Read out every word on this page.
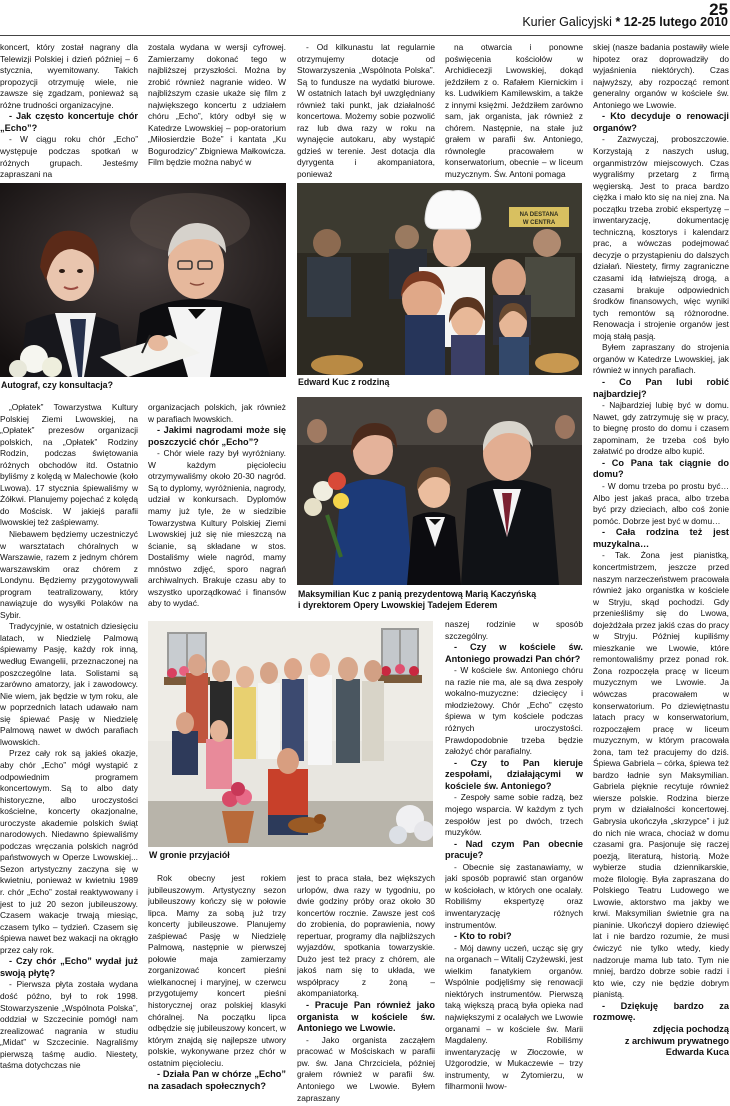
25
Kurier Galicyjski * 12-25 lutego 2010

koncert, który został nagrany dla Telewizji Polskiej i dzień później – 6 stycznia, wyemitowany. Takich propozycji otrzymuję wiele, nie zawsze się zgadzam, ponieważ są różne trudności organizacyjne.

- Jak często koncertuje chór „Echo”?

- W ciągu roku chór „Echo” występuje podczas spotkań w różnych grupach. Jesteśmy zapraszani na

zostala wydana w wersji cyfrowej. Zamierzamy dokonać tego w najbliższej przyszłości. Można by zrobić również nagranie wideo. W najbliższym czasie ukaże się film z największego koncertu z udziałem chóru „Echo”, który odbył się w Katedrze Lwowskiej – pop-oratorium „Miłosierdzie Boże” i kantata „Ku Bogurodzicy” Zbigniewa Małkowicza. Film będzie można nabyć w

- Od kilkunastu lat regularnie otrzymujemy dotacje od Stowarzyszenia „Wspólnota Polska”. Są to fundusze na wydatki biurowe. W ostatnich latach był uwzględniany również taki punkt, jak działalność koncertowa. Możemy sobie pozwolić raz lub dwa razy w roku na wynajęcie autokaru, aby wystąpić gdzieś w terenie. Jest dotacja dla dyrygenta i akompaniatora, ponieważ

na otwarcia i ponowne poświęcenia kościołów w Archidiecezji Lwowskiej, dokąd jeździłem z o. Rafałem Kiernickim i ks. Ludwikiem Kamilewskim, a także z innymi księżmi. Jeździłem zarówno sam, jak organista, jak również z chórem. Następnie, na stałe już grałem w parafii św. Antoniego, równolegle pracowałem w konserwatorium, obecnie – w liceum muzycznym. Św. Antoni pomaga

skiej (nasze badania postawiły wiele hipotez oraz doprowadziły do wyjaśnienia niektórych). Czas najwyższy, aby rozpocząć remont generalny organów w kościele św. Antoniego we Lwowie.

- Kto decyduje o renowacji organów?

- Zazwyczaj, proboszczowie. Korzystają z naszych usług, organmistrzów miejscowych. Czas wygraliśmy przetarg z firmą węgierską. Jest to praca bardzo ciężka i mało kto się na niej zna. Na początku trzeba zrobić ekspertyzę – inwentaryzację, dokumentację techniczną, kosztorys i kalendarz prac, a wówczas podejmować decyzje o przystąpieniu do dalszych działań. Niestety, firmy zagraniczne czasami idą łatwiejszą drogą, a czasami brakuje odpowiednich środków finansowych, więc wyniki tych remontów są różnorodne. Renowacja i strojenie organów jest moją stałą pasją.

Byłem zapraszany do strojenia organów w Katedrze Lwowskiej, jak również w innych parafiach.

- Co Pan lubi robić najbardziej?

- Najbardziej lubię być w domu. Nawet, gdy zatrzymuję się w pracy, to biegnę prosto do domu i czasem zapominam, że trzeba coś było załatwić po drodze albo kupić.

- Co Pana tak ciągnie do domu?

- W domu trzeba po prostu być… Albo jest jakaś praca, albo trzeba być przy dzieciach, albo coś żonie pomóc. Dobrze jest być w domu…

- Cała rodzina też jest muzykalna…

- Tak. Żona jest pianistką, koncertmistrzem, jeszcze przed naszym narzeczeństwem pracowała również jako organistka w kościele w Stryju, skąd pochodzi. Gdy przenieśliśmy się do Lwowa, dojeżdżała przez jakiś czas do pracy w Stryju. Później kupiliśmy mieszkanie we Lwowie, które remontowaliśmy przez ponad rok. Żona rozpoczęła pracę w liceum muzycznym we Lwowie. Ja wówczas pracowałem w konserwatorium. Po dziewiętnastu latach pracy w konserwatorium, rozpocząłem pracę w liceum muzycznym, w którym pracowała żona, tam też pracujemy do dziś. Śpiewa Gabriela – córka, śpiewa też bardzo ładnie syn Maksymilian. Gabriela pięknie recytuje również wiersze polskie. Rodzina bierze prym w działalności koncertowej. Gabrysia ukończyła „skrzypce” i już do nich nie wraca, chociaż w domu czasami gra. Pasjonuje się raczej poezją, literaturą, historią. Może wybierze studia dziennikarskie, może filologię. Była zapraszana do Polskiego Teatru Ludowego we Lwowie, aktorstwo ma jakby we krwi. Maksymilian świetnie gra na pianinie. Ukończył dopiero dziewięć lat i nie bardzo rozumie, że musi ćwiczyć nie tylko wtedy, kiedy nadzoruje mama lub tato. Tym nie mniej, bardzo dobrze sobie radzi i kto wie, czy nie będzie dobrym pianistą.

- Dziękuję bardzo za rozmowę.

zdjęcia pochodzą

z archiwum prywatnego

Edwarda Kuca

Autograf, czy konsultacja?
NA DESTANA
W CENTRA
Edward Kuc z rodziną
Maksymilian Kuc z panią prezydentową Marią Kaczyńską
i dyrektorem Opery Lwowskiej Tadejem Ederem

„Opłatek” Towarzystwa Kultury Polskiej Ziemi Lwowskiej, na „Opłatek” prezesów organizacji polskich, na „Opłatek” Rodziny Rodzin, podczas świętowania różnych obchodów itd. Ostatnio byliśmy z kolędą w Malechowie (koło Lwowa). 17 stycznia śpiewaliśmy w Żółkwi. Planujemy pojechać z kolędą do Mościsk. W jakiejś parafii lwowskiej też zaśpiewamy.

Niebawem będziemy uczestniczyć w warsztatach chóralnych w Warszawie, razem z jednym chórem warszawskim oraz chórem z Londynu. Będziemy przygotowywali program teatralizowany, który nawiązuje do wysyłki Polaków na Sybir.

Tradycyjnie, w ostatnich dziesięciu latach, w Niedzielę Palmową śpiewamy Pasję, każdy rok inną, według Ewangelii, przeznaczonej na poszczególne lata. Solistami są zarówno amatorzy, jak i zawodowcy. Nie wiem, jak będzie w tym roku, ale w poprzednich latach udawało nam się śpiewać Pasję w Niedzielę Palmową nawet w dwóch parafiach lwowskich.

Przez cały rok są jakieś okazje, aby chór „Echo” mógł wystąpić z odpowiednim programem koncertowym. Są to albo daty historyczne, albo uroczystości kościelne, koncerty okazjonalne, uroczyste akademie polskich świąt narodowych. Niedawno śpiewaliśmy podczas wręczania polskich nagród państwowych w Operze Lwowskiej... Sezon artystyczny zaczyna się w kwietniu, ponieważ w kwietniu 1989 r. chór „Echo” został reaktywowany i jest to już 20 sezon jubileuszowy. Czasem wakacje trwają miesiąc, czasem tylko – tydzień. Czasem się śpiewa nawet bez wakacji na okrągło przez cały rok.

- Czy chór „Echo” wydał już swoją płytę?

- Pierwsza płyta została wydana dość późno, był to rok 1998. Stowarzyszenie „Wspólnota Polska”, oddział w Szczecinie pomógł nam zrealizować nagrania w studiu „Midat” w Szczecinie. Nagraliśmy pierwszą taśmę audio. Niestety, taśma dotychczas nie

organizacjach polskich, jak również w parafiach lwowskich.

- Jakimi nagrodami może się poszczycić chór „Echo”?

- Chór wiele razy był wyróżniany. W każdym pięcioleciu otrzymywaliśmy około 20-30 nagród. Są to dyplomy, wyróżnienia, nagrody, udział w konkursach. Dyplomów mamy już tyle, że w siedzibie Towarzystwa Kultury Polskiej Ziemi Lwowskiej już się nie mieszczą na ścianie, są składane w stos. Dostaliśmy wiele nagród, mamy mnóstwo zdjęć, sporo nagrań archiwalnych. Brakuje czasu aby to wszystko uporządkować i finansów aby to wydać.

W gronie przyjaciół

Rok obecny jest rokiem jubileuszowym. Artystyczny sezon jubileuszowy kończy się w połowie lipca. Mamy za sobą już trzy koncerty jubileuszowe. Planujemy zaśpiewać Pasję w Niedzielę Palmową, następnie w pierwszej połowie maja zamierzamy zorganizować koncert pieśni wielkanocnej i maryjnej, w czerwcu przygotujemy koncert pieśni historycznej oraz polskiej klasyki chóralnej. Na początku lipca odbędzie się jubileuszowy koncert, w którym znajdą się najlepsze utwory polskie, wykonywane przez chór w ostatnim pięcioleciu.

- Działa Pan w chórze „Echo” na zasadach społecznych?

jest to praca stała, bez większych urlopów, dwa razy w tygodniu, po dwie godziny próby oraz około 30 koncertów rocznie. Zawsze jest coś do zrobienia, do poprawienia, nowy repertuar, programy dla najbliższych wyjazdów, spotkania towarzyskie. Dużo jest też pracy z chórem, ale jakoś nam się to układa, we współpracy z żoną – akompaniatorką.

- Pracuje Pan również jako organista w kościele św. Antoniego we Lwowie.

- Jako organista zacząłem pracować w Mościskach w parafii pw. św. Jana Chrzciciela, później grałem również w parafii św. Antoniego we Lwowie. Byłem zapraszany

naszej rodzinie w sposób szczególny.

- Czy w kościele św. Antoniego prowadzi Pan chór?

- W kościele św. Antoniego chóru na razie nie ma, ale są dwa zespoły wokalno-muzyczne: dziecięcy i młodzieżowy. Chór „Echo” często śpiewa w tym kościele podczas różnych uroczystości. Prawdopodobnie trzeba będzie założyć chór parafialny.

- Czy to Pan kieruje zespołami, działającymi w kościele św. Antoniego?

- Zespoły same sobie radzą, bez mojego wsparcia. W każdym z tych zespołów jest po dwóch, trzech muzyków.

- Nad czym Pan obecnie pracuje?

- Obecnie się zastanawiamy, w jaki sposób poprawić stan organów w kościołach, w których one ocalały. Robiliśmy ekspertyzę oraz inwentaryzację różnych instrumentów.

- Kto to robi?

- Mój dawny uczeń, ucząc się gry na organach – Witalij Czyżewski, jest wielkim fanatykiem organów. Wspólnie podjęliśmy się renowacji niektórych instrumentów. Pierwszą taką większą pracą była opieka nad największymi z ocalałych we Lwowie organami – w kościele św. Marii Magdaleny. Robiliśmy inwentaryzację w Złoczowie, w Użgorodzie, w Mukaczewie – trzy instrumenty, w Żytomierzu, w filharmonii lwow-
